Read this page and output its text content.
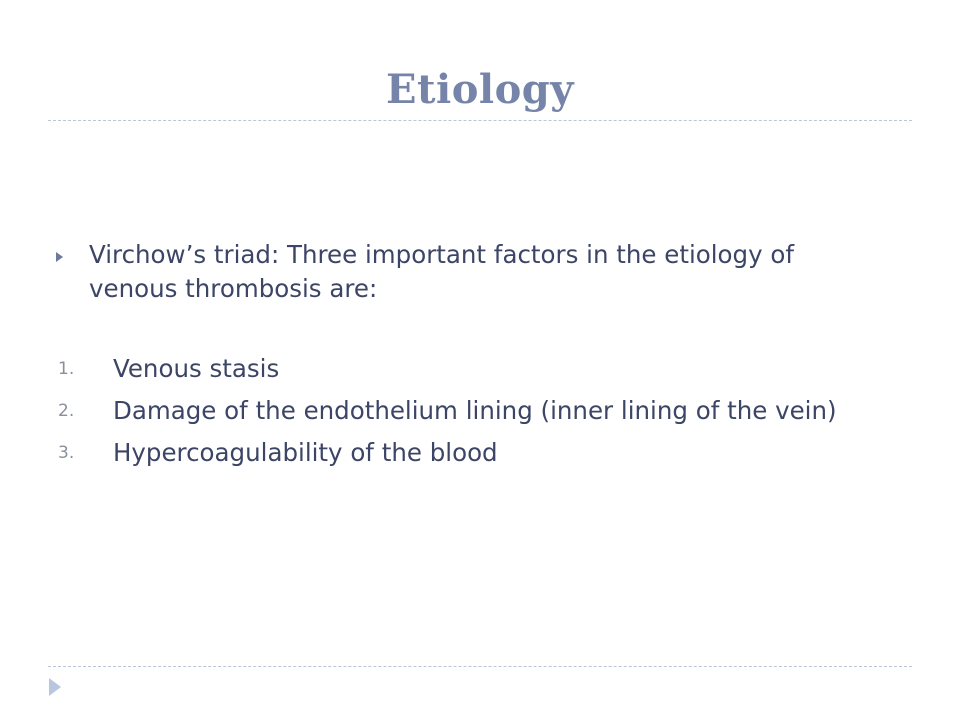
Etiology
Virchow’s triad: Three important factors in the etiology of venous thrombosis are:
1.	Venous stasis
2.	Damage of the endothelium lining (inner lining of the vein)
3.	Hypercoagulability of the blood
